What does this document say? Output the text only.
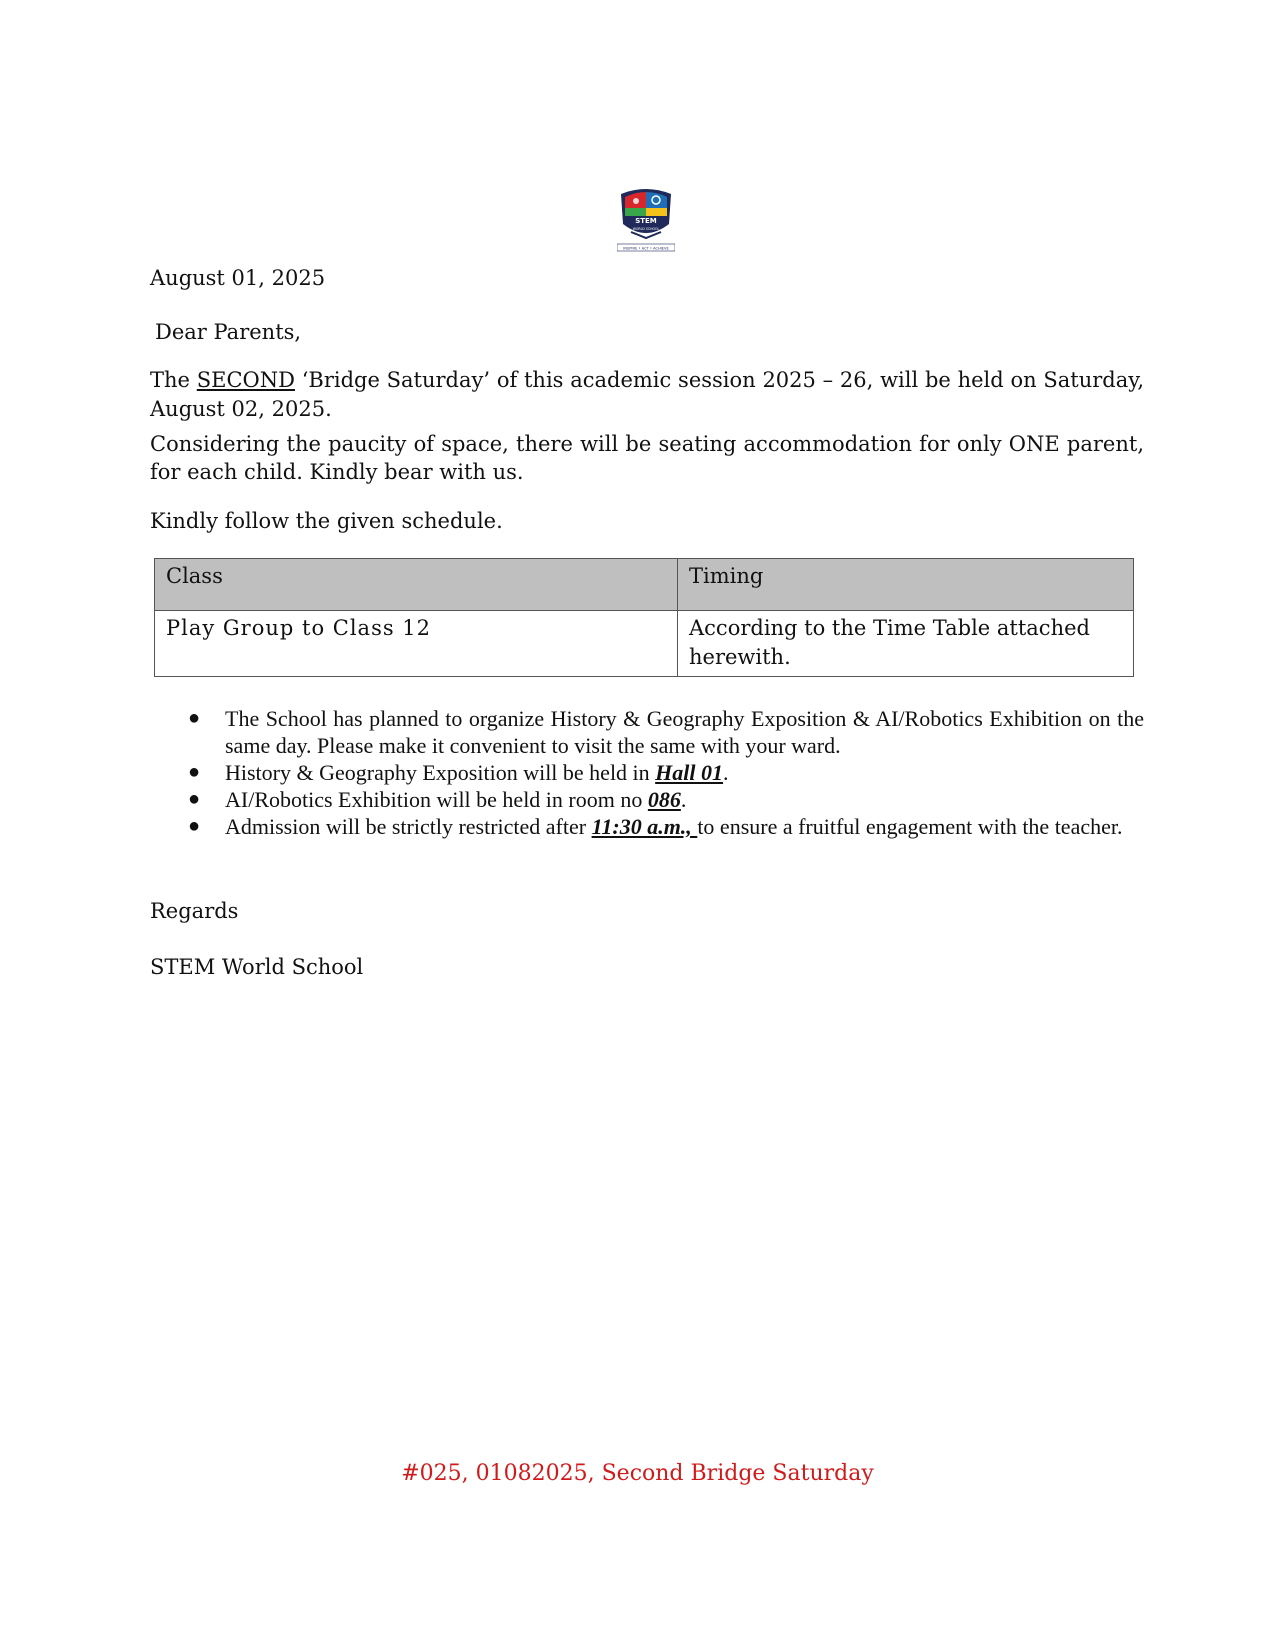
STEM
WORLD SCHOOL
INSPIRE • ACT • ACHIEVE
August 01, 2025
Dear Parents,
The SECOND ‘Bridge Saturday’ of this academic session 2025 – 26, will be held on Saturday, August 02, 2025.
Considering the paucity of space, there will be seating accommodation for only ONE parent, for each child. Kindly bear with us.
Kindly follow the given schedule.
Class	Timing
Play Group to Class 12	According to the Time Table attached herewith.
● The School has planned to organize History & Geography Exposition & AI/Robotics Exhibition on the same day. Please make it convenient to visit the same with your ward.
● History & Geography Exposition will be held in Hall 01.
● AI/Robotics Exhibition will be held in room no 086.
● Admission will be strictly restricted after 11:30 a.m., to ensure a fruitful engagement with the teacher.
Regards
STEM World School
#025, 01082025, Second Bridge Saturday
